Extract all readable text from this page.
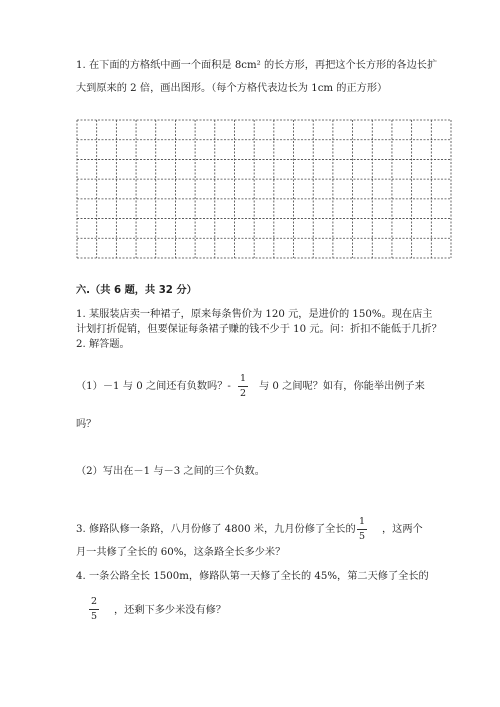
1. 在下面的方格纸中画一个面积是 8cm² 的长方形，再把这个长方形的各边长扩
大到原来的 2 倍，画出图形。（每个方格代表边长为 1cm 的正方形）
六.（共 6 题，共 32 分）
1. 某服装店卖一种裙子，原来每条售价为 120 元，是进价的 150%。现在店主
计划打折促销，但要保证每条裙子赚的钱不少于 10 元。问：折扣不能低于几折？
2. 解答题。
（1）－1 与 0 之间还有负数吗？-
1
2
与 0 之间呢？如有，你能举出例子来
吗？
（2）写出在－1 与－3 之间的三个负数。
3. 修路队修一条路，八月份修了 4800 米，九月份修了全长的
1
5
，这两个
月一共修了全长的 60%，这条路全长多少米？
4. 一条公路全长 1500m，修路队第一天修了全长的 45%，第二天修了全长的
2
5
，还剩下多少米没有修？
